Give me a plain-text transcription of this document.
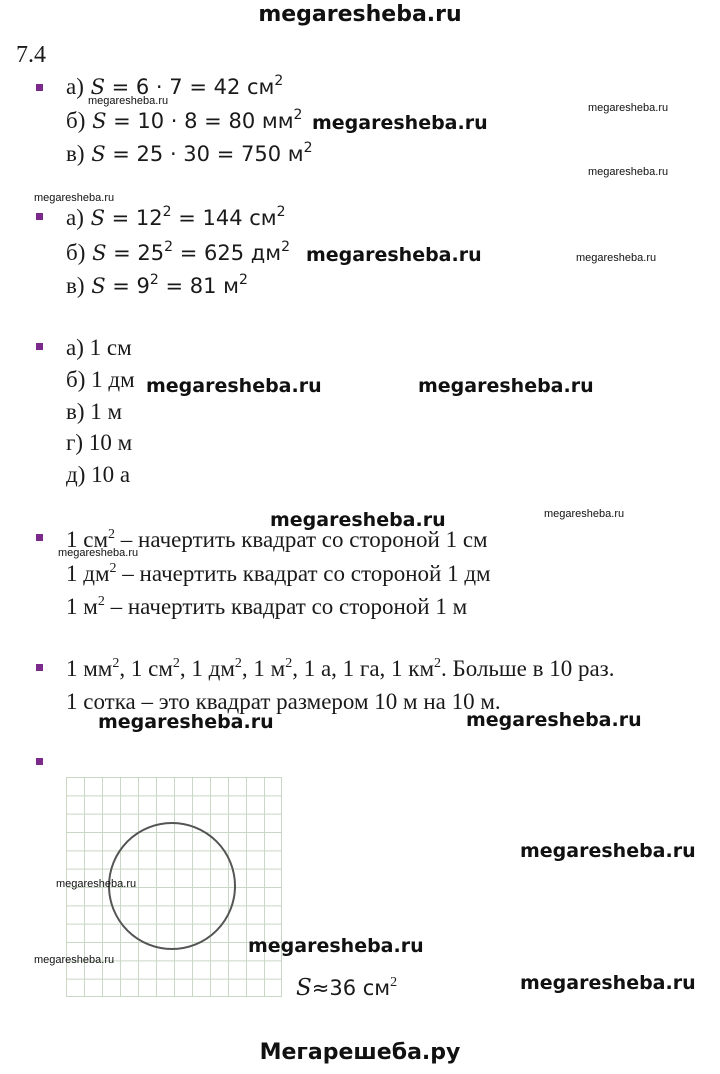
megaresheba.ru
7.4
а) S = 6 · 7 = 42 $см^2$
б) S = 10 · 8 = 80 $мм^2$
в) S = 25 · 30 = 750 $м^2$
а) $S = 12^2 = 144$ $см^2$
б) $S = 25^2 = 625$ $дм^2$
в) $S = 9^2 = 81$ $м^2$
а) 1 см
б) 1 дм
в) 1 м
г) 10 м
д) 10 а
1 $см^2$ – начертить квадрат со стороной 1 см
1 $дм^2$ – начертить квадрат со стороной 1 дм
1 $м^2$ – начертить квадрат со стороной 1 м
1 $мм^2$, 1 $см^2$, 1 $дм^2$, 1 $м^2$, 1 а, 1 га, 1 $км^2$. Больше в 10 раз.
1 сотка – это квадрат размером 10 м на 10 м.
S≈36 $см^2$
megaresheba.ru
megaresheba.ru
megaresheba.ru	megaresheba.ru
megaresheba.ru
megaresheba.ru	megaresheba.ru
megaresheba.ru
megaresheba.ru
megaresheba.ru
megaresheba.ru
megaresheba.ru
megaresheba.ru
megaresheba.ru
megaresheba.ru
megaresheba.ru
megaresheba.ru
megaresheba.ru
megaresheba.ru
Мегарешеба.ру
